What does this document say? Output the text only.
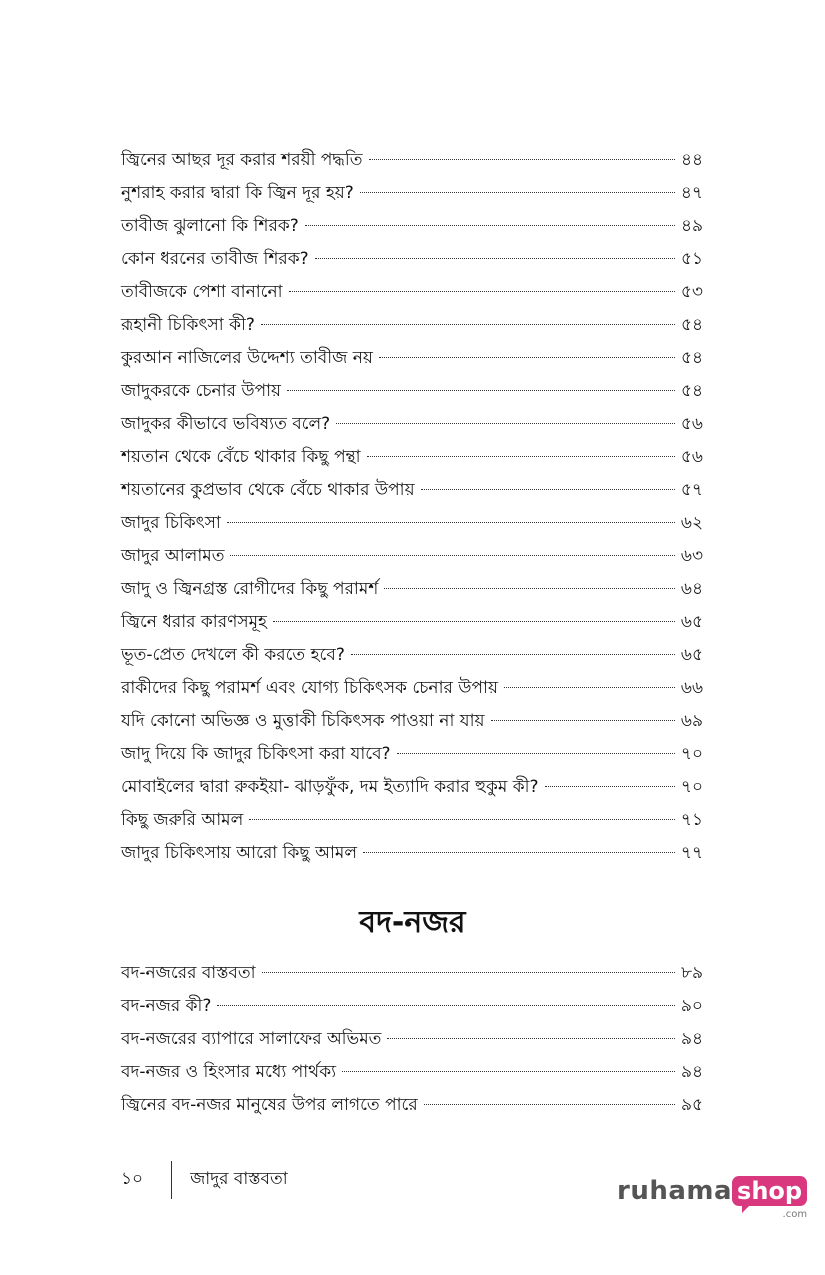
জ্বিনের আছর দূর করার শরয়ী পদ্ধতি	৪৪
নুশরাহ করার দ্বারা কি জ্বিন দূর হয়?	৪৭
তাবীজ ঝুলানো কি শিরক?	৪৯
কোন ধরনের তাবীজ শিরক?	৫১
তাবীজকে পেশা বানানো	৫৩
রূহানী চিকিৎসা কী?	৫৪
কুরআন নাজিলের উদ্দেশ্য তাবীজ নয়	৫৪
জাদুকরকে চেনার উপায়	৫৪
জাদুকর কীভাবে ভবিষ্যত বলে?	৫৬
শয়তান থেকে বেঁচে থাকার কিছু পন্থা	৫৬
শয়তানের কুপ্রভাব থেকে বেঁচে থাকার উপায়	৫৭
জাদুর চিকিৎসা	৬২
জাদুর আলামত	৬৩
জাদু ও জ্বিনগ্রস্ত রোগীদের কিছু পরামর্শ	৬৪
জ্বিনে ধরার কারণসমূহ	৬৫
ভূত-প্রেত দেখলে কী করতে হবে?	৬৫
রাকীদের কিছু পরামর্শ এবং যোগ্য চিকিৎসক চেনার উপায়	৬৬
যদি কোনো অভিজ্ঞ ও মুত্তাকী চিকিৎসক পাওয়া না যায়	৬৯
জাদু দিয়ে কি জাদুর চিকিৎসা করা যাবে?	৭০
মোবাইলের দ্বারা রুকইয়া- ঝাড়ফুঁক, দম ইত্যাদি করার হুকুম কী?	৭০
কিছু জরুরি আমল	৭১
জাদুর চিকিৎসায় আরো কিছু আমল	৭৭
বদ-নজর
বদ-নজরের বাস্তবতা	৮৯
বদ-নজর কী?	৯০
বদ-নজরের ব্যাপারে সালাফের অভিমত	৯৪
বদ-নজর ও হিংসার মধ্যে পার্থক্য	৯৪
জ্বিনের বদ-নজর মানুষের উপর লাগতে পারে	৯৫
১০	জাদুর বাস্তবতা	ruhama shop
.com
